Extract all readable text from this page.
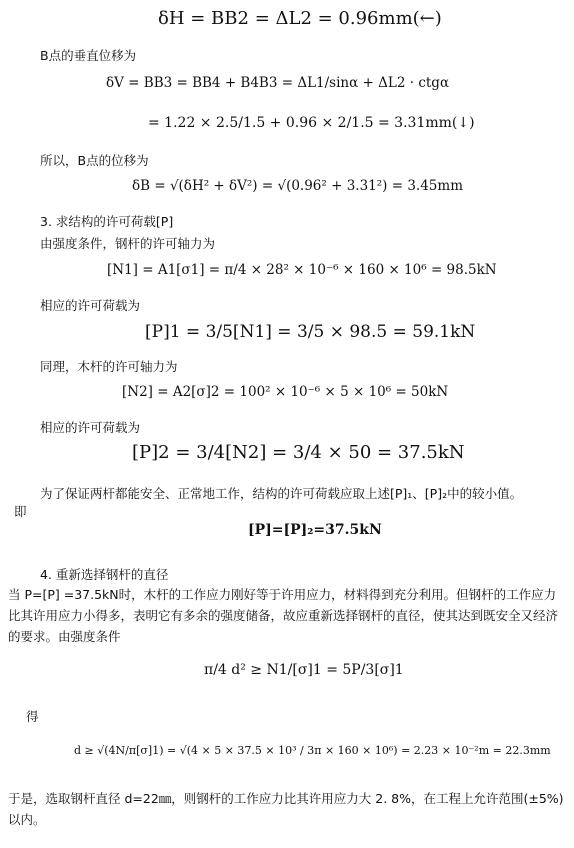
δH = BB2 = ΔL2 = 0.96mm(←)
B点的垂直位移为
δV = BB3 = BB4 + B4B3 = ΔL1/sinα + ΔL2 · ctgα
= 1.22 × 2.5/1.5 + 0.96 × 2/1.5 = 3.31mm(↓)
所以，B点的位移为
δB = √(δH² + δV²) = √(0.96² + 3.31²) = 3.45mm
3. 求结构的许可荷载[P]
由强度条件，钢杆的许可轴力为
[N1] = A1[σ1] = π/4 × 28² × 10⁻⁶ × 160 × 10⁶ = 98.5kN
相应的许可荷载为
[P]1 = 3/5[N1] = 3/5 × 98.5 = 59.1kN
同理，木杆的许可轴力为
[N2] = A2[σ]2 = 100² × 10⁻⁶ × 5 × 10⁶ = 50kN
相应的许可荷载为
[P]2 = 3/4[N2] = 3/4 × 50 = 37.5kN
为了保证两杆都能安全、正常地工作，结构的许可荷载应取上述[P]₁、[P]₂中的较小值。
即
[P]=[P]₂=37.5kN
4. 重新选择钢杆的直径
当 P=[P] =37.5kN时，木杆的工作应力刚好等于许用应力，材料得到充分利用。但钢杆的工作应力比其许用应力小得多，表明它有多余的强度储备，故应重新选择钢杆的直径，使其达到既安全又经济的要求。由强度条件
π/4 d² ≥ N1/[σ]1 = 5P/3[σ]1
得
d ≥ √(4N/π[σ]1) = √(4 × 5 × 37.5 × 10³ / 3π × 160 × 10⁶) = 2.23 × 10⁻²m = 22.3mm
于是，选取钢杆直径 d=22㎜，则钢杆的工作应力比其许用应力大 2. 8%，在工程上允许范围(±5%)以内。
